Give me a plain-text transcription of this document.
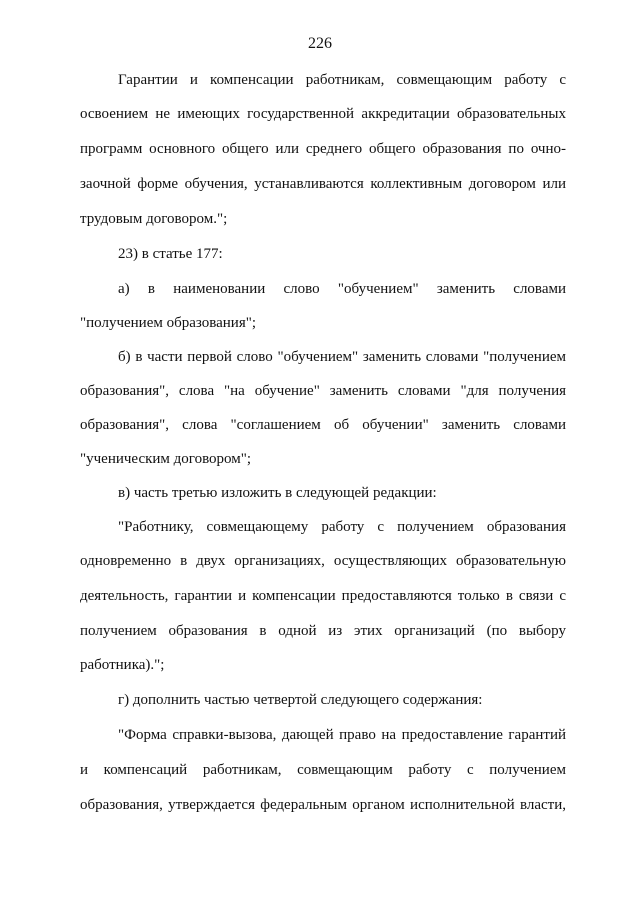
226
Гарантии и компенсации работникам, совмещающим работу с
освоением не имеющих государственной аккредитации образовательных
программ основного общего или среднего общего образования по очно-
заочной форме обучения, устанавливаются коллективным договором или
трудовым договором.";
23) в статье 177:
а) в наименовании слово "обучением" заменить словами
"получением образования";
б) в части первой слово "обучением" заменить словами "получением
образования", слова "на обучение" заменить словами "для получения
образования", слова "соглашением об обучении" заменить словами
"ученическим договором";
в) часть третью изложить в следующей редакции:
"Работнику, совмещающему работу с получением образования
одновременно в двух организациях, осуществляющих образовательную
деятельность, гарантии и компенсации предоставляются только в связи с
получением образования в одной из этих организаций (по выбору
работника).";
г) дополнить частью четвертой следующего содержания:
"Форма справки-вызова, дающей право на предоставление гарантий
и компенсаций работникам, совмещающим работу с получением
образования, утверждается федеральным органом исполнительной власти,
